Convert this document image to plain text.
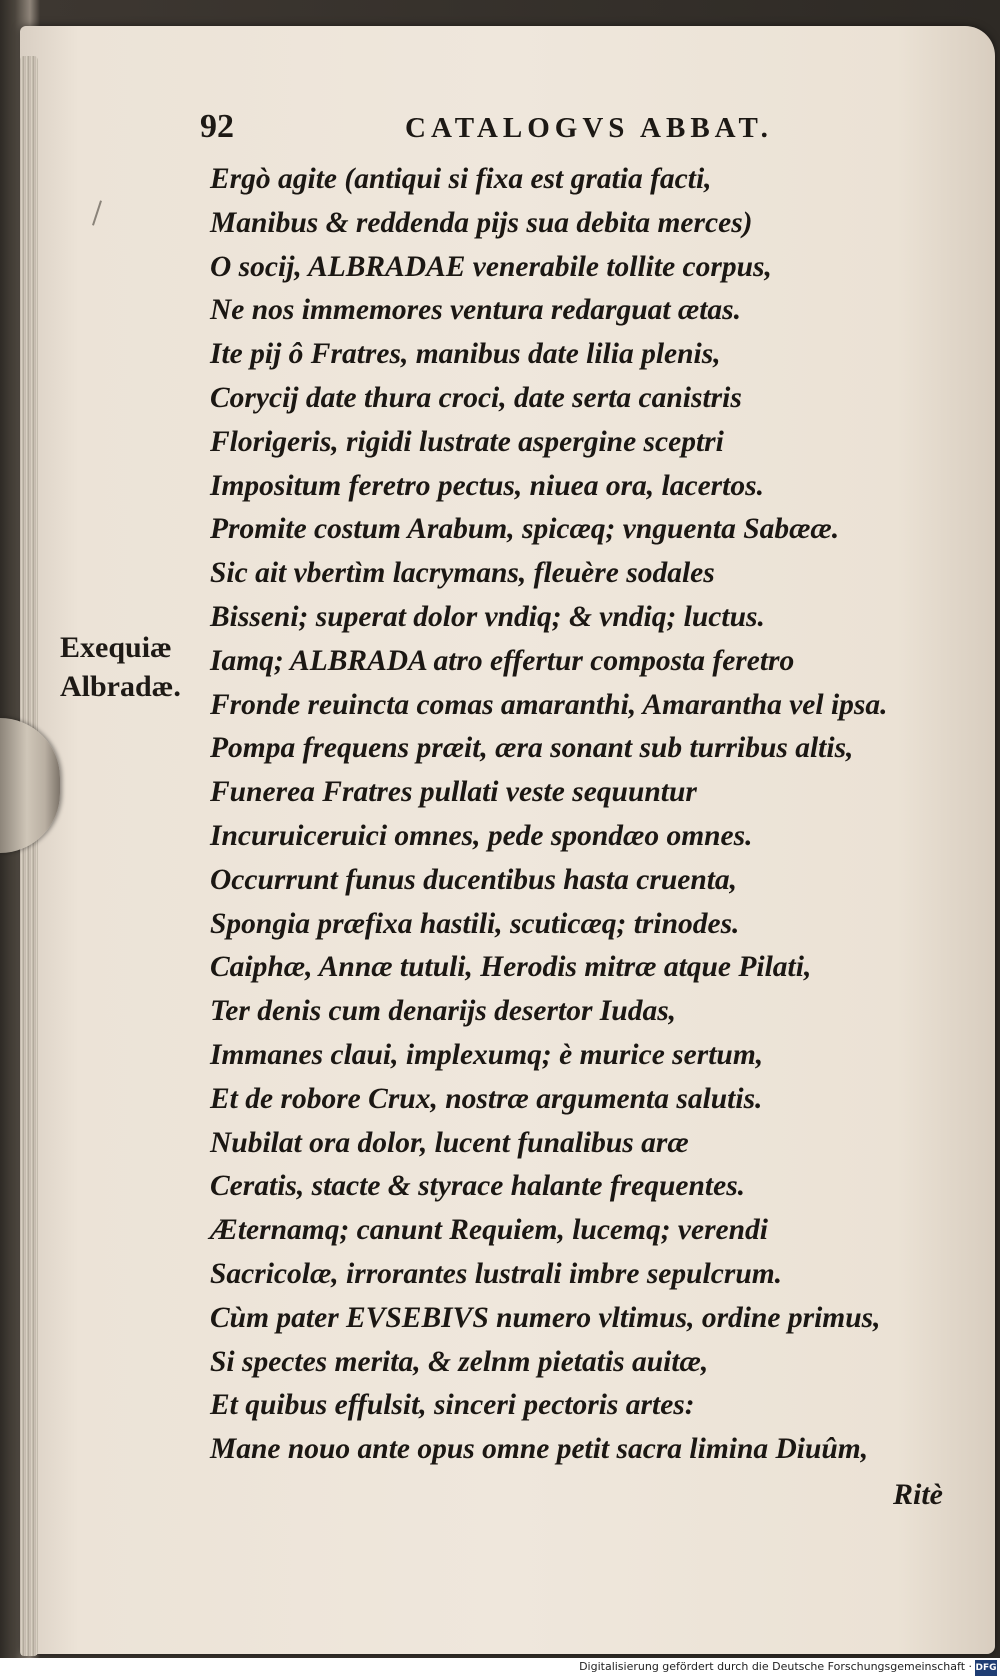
92	CATALOGVS ABBAT.
Exequiæ
Albradæ.
Ergò agite (antiqui si fixa est gratia facti,
Manibus & reddenda pijs sua debita merces)
O socij, ALBRADAE venerabile tollite corpus,
Ne nos immemores ventura redarguat ætas.
Ite pij ô Fratres, manibus date lilia plenis,
Corycij date thura croci, date serta canistris
Florigeris, rigidi lustrate aspergine sceptri
Impositum feretro pectus, niuea ora, lacertos.
Promite costum Arabum, spicæq; vnguenta Sabææ.
Sic ait vbertìm lacrymans, fleuère sodales
Bisseni; superat dolor vndiq; & vndiq; luctus.
Iamq; ALBRADA atro effertur composta feretro
Fronde reuincta comas amaranthi, Amarantha vel ipsa.
Pompa frequens præit, æra sonant sub turribus altis,
Funerea Fratres pullati veste sequuntur
Incuruiceruici omnes, pede spondæo omnes.
Occurrunt funus ducentibus hasta cruenta,
Spongia præfixa hastili, scuticæq; trinodes.
Caiphæ, Annæ tutuli, Herodis mitræ atque Pilati,
Ter denis cum denarijs desertor Iudas,
Immanes claui, implexumq; è murice sertum,
Et de robore Crux, nostræ argumenta salutis.
Nubilat ora dolor, lucent funalibus aræ
Ceratis, stacte & styrace halante frequentes.
Æternamq; canunt Requiem, lucemq; verendi
Sacricolæ, irrorantes lustrali imbre sepulcrum.
Cùm pater EVSEBIVS numero vltimus, ordine primus,
Si spectes merita, & zelnm pietatis auitæ,
Et quibus effulsit, sinceri pectoris artes:
Mane nouo ante opus omne petit sacra limina Diuûm,
Ritè
Digitalisierung gefördert durch die Deutsche Forschungsgemeinschaft · DFG
